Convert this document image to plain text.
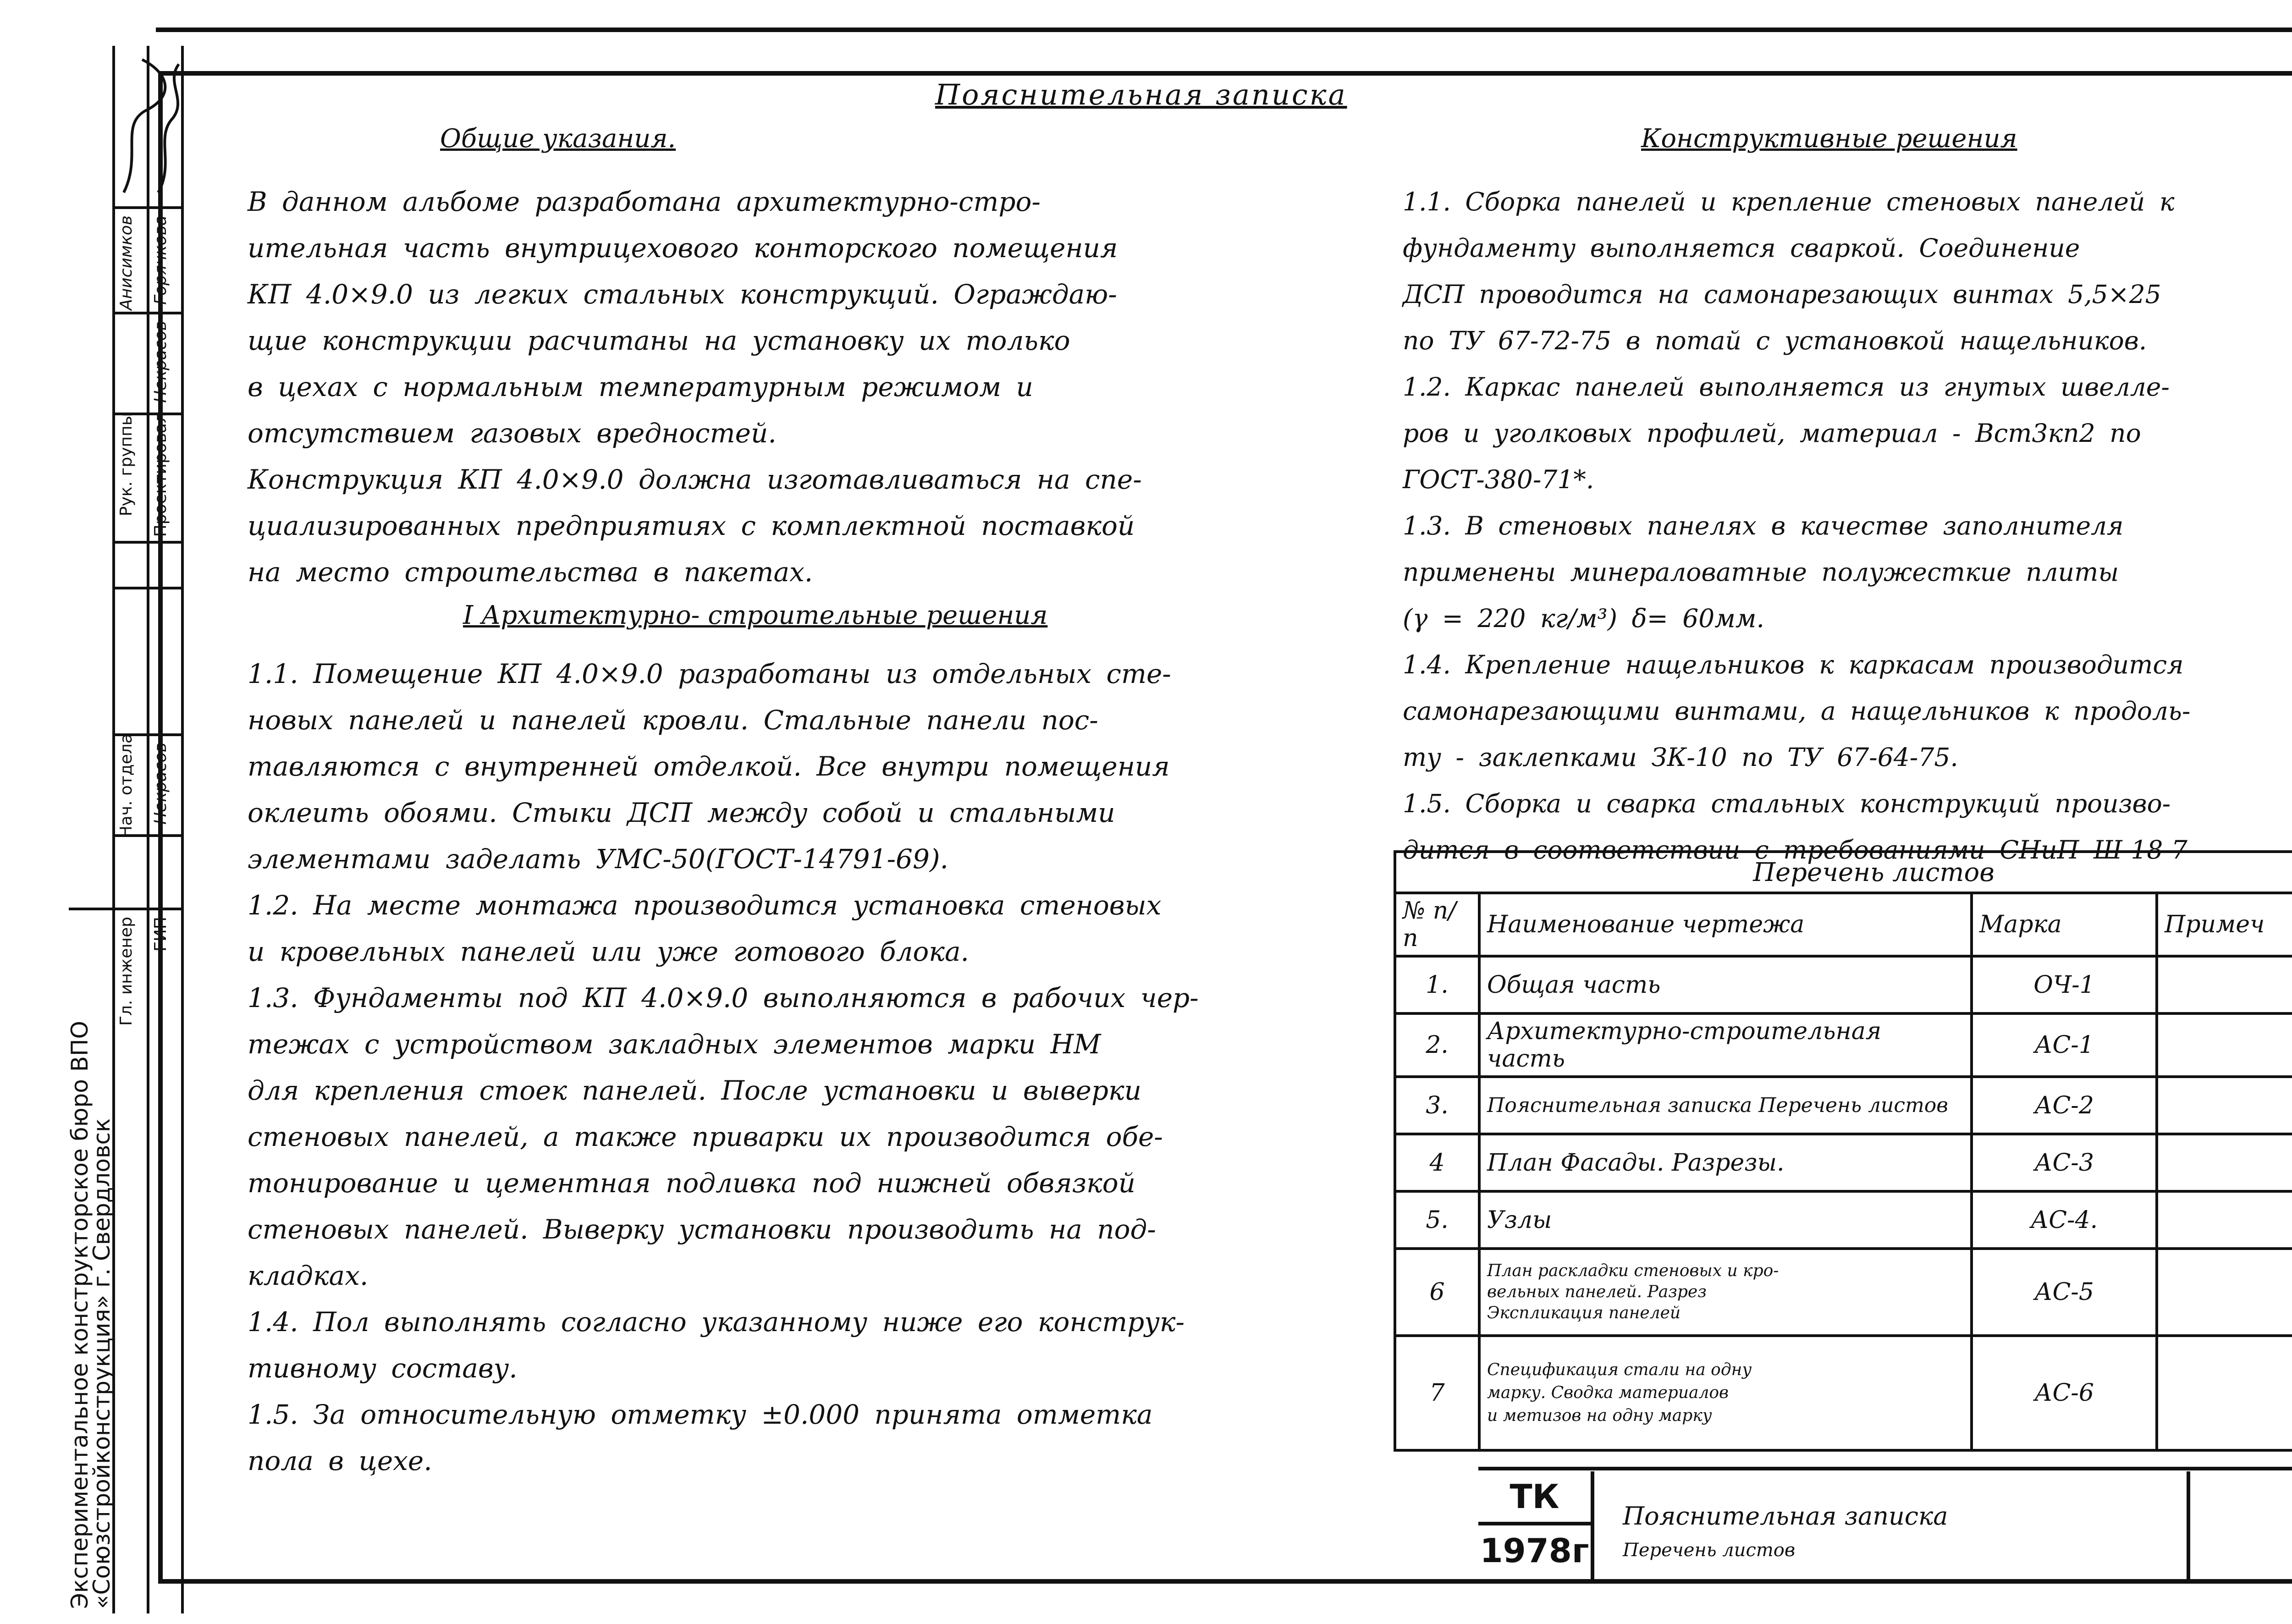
Экспериментальное конструкторское бюро ВПО «Союзстройконструкция» г. Свердловск
Рук. группы Проектировал
Гл. инженер ГИП
Нач. отдела
Анисимков Горячкова
Некрасов
Некрасов
Пояснительная записка

Общие указания.

В данном альбоме разработана архитектурно-стро-
ительная часть внутрицехового конторского помещения
КП 4.0×9.0 из легких стальных конструкций. Ограждаю-
щие конструкции расчитаны на установку их только
в цехах с нормальным температурным режимом и
отсутствием газовых вредностей.
Конструкция КП 4.0×9.0 должна изготавливаться на спе-
циализированных предприятиях с комплектной поставкой
на место строительства в пакетах.

I Архитектурно- строительные решения

1.1. Помещение КП 4.0×9.0 разработаны из отдельных сте-
новых панелей и панелей кровли. Стальные панели пос-
тавляются с внутренней отделкой. Все внутри помещения
оклеить обоями. Стыки ДСП между собой и стальными
элементами заделать УМС-50(ГОСТ-14791-69).
1.2. На месте монтажа производится установка стеновых
и кровельных панелей или уже готового блока.
1.3. Фундаменты под КП 4.0×9.0 выполняются в рабочих чер-
тежах с устройством закладных элементов марки НМ
для крепления стоек панелей. После установки и выверки
стеновых панелей, а также приварки их производится обе-
тонирование и цементная подливка под нижней обвязкой
стеновых панелей. Выверку установки производить на под-
кладках.
1.4. Пол выполнять согласно указанному ниже его конструк-
тивному составу.
1.5. За относительную отметку ±0.000 принята отметка
пола в цехе.

Конструктивные решения

1.1. Сборка панелей и крепление стеновых панелей к
фундаменту выполняется сваркой. Соединение
ДСП проводится на самонарезающих винтах 5,5×25
по ТУ 67-72-75 в потай с установкой нащельников.
1.2. Каркас панелей выполняется из гнутых швелле-
ров и уголковых профилей, материал - Вст3кп2 по
ГОСТ-380-71*.
1.3. В стеновых панелях в качестве заполнителя
применены минераловатные полужесткие плиты
(γ = 220 кг/м³) δ= 60мм.
1.4. Крепление нащельников к каркасам производится
самонарезающими винтами, а нащельников к продоль-
ту - заклепками ЗК-10 по ТУ 67-64-75.
1.5. Сборка и сварка стальных конструкций произво-
дится в соответствии с требованиями СНиП Ш-18-7

Перечень листов			
№ п/п	Наименование чертежа	Марка	Примеч
1.	Общая часть	ОЧ-1	
2.	Архитектурно-строительная часть	АС-1	
3.	Пояснительная записка Перечень листов	АС-2	
4	План Фасады. Разрезы.	АС-3	
5.	Узлы	АС-4.	
6	План раскладки стеновых и кро-
вельных панелей. Разрез
Экспликация панелей	АС-5	
7	Спецификация стали на одну
марку. Сводка материалов
и метизов на одну марку	АС-6	
ТК
1978г
Пояснительная записка
Перечень листов
